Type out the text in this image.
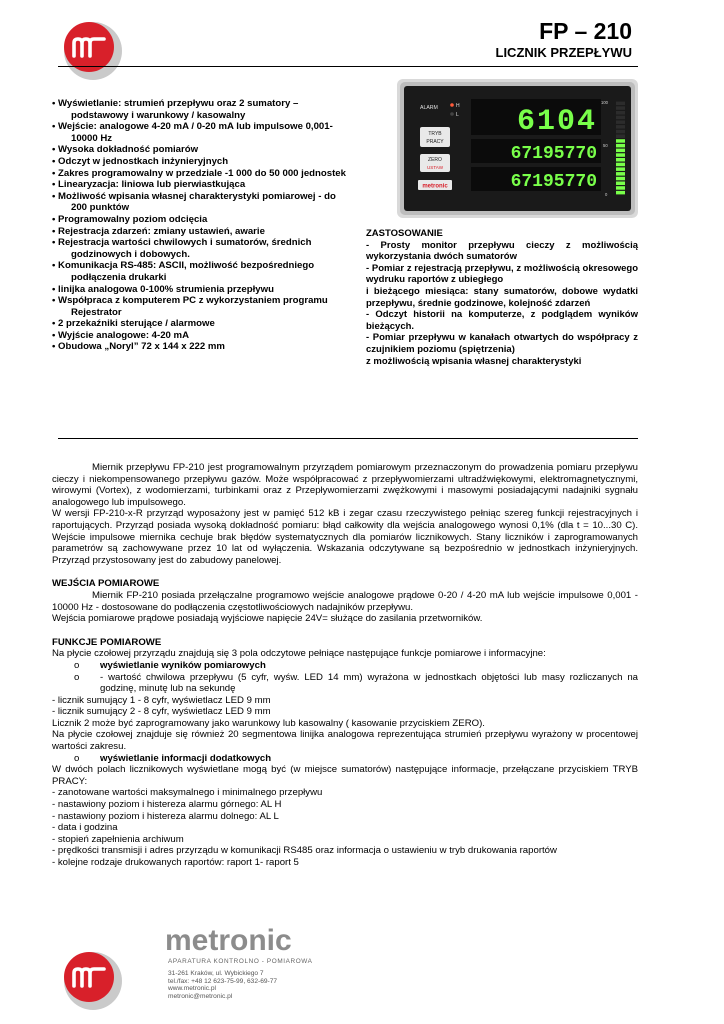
FP – 210
LICZNIK PRZEPŁYWU
• Wyświetlanie: strumień przepływu oraz 2 sumatory – podstawowy i warunkowy / kasowalny
• Wejście: analogowe 4-20 mA / 0-20 mA lub impulsowe 0,001-10000 Hz
• Wysoka dokładność pomiarów
• Odczyt w jednostkach inżynieryjnych
• Zakres programowalny w przedziale -1 000 do 50 000 jednostek
• Linearyzacja: liniowa lub pierwiastkująca
• Możliwość wpisania własnej charakterystyki pomiarowej - do 200 punktów
• Programowalny poziom odcięcia
• Rejestracja zdarzeń: zmiany ustawień, awarie
• Rejestracja wartości chwilowych i sumatorów, średnich godzinowych i dobowych.
• Komunikacja RS-485: ASCII, możliwość bezpośredniego podłączenia drukarki
• linijka analogowa 0-100% strumienia przepływu
• Współpraca z komputerem PC z wykorzystaniem programu Rejestrator
• 2 przekaźniki sterujące / alarmowe
• Wyjście analogowe: 4-20 mA
• Obudowa „Noryl” 72 x 144 x 222 mm
ALARM	H
L
TRYB
PRACY
ZERO
USTAW
metronic
6104
67195770
67195770
100
50
0
ZASTOSOWANIE
- Prosty monitor przepływu cieczy z możliwością wykorzystania dwóch sumatorów
- Pomiar z rejestracją przepływu, z możliwością okresowego wydruku raportów z ubiegłego
i bieżącego miesiąca: stany sumatorów, dobowe wydatki przepływu, średnie godzinowe, kolejność zdarzeń
- Odczyt historii na komputerze, z podglądem wyników bieżących.
- Pomiar przepływu w kanałach otwartych do współpracy z czujnikiem poziomu (spiętrzenia)
z możliwością wpisania własnej charakterystyki

Miernik przepływu FP-210 jest programowalnym przyrządem pomiarowym przeznaczonym do prowadzenia pomiaru przepływu cieczy i niekompensowanego przepływu gazów. Może współpracować z przepływomierzami ultradźwiękowymi, elektromagnetycznymi, wirowymi (Vortex), z wodomierzami, turbinkami oraz z Przepływomierzami zwężkowymi i masowymi posiadającymi nadajniki sygnału analogowego lub impulsowego.

W wersji FP-210-x-R przyrząd wyposażony jest w pamięć 512 kB i zegar czasu rzeczywistego pełniąc szereg funkcji rejestracyjnych i raportujących. Przyrząd posiada wysoką dokładność pomiaru: błąd całkowity dla wejścia analogowego wynosi 0,1% (dla t = 10...30 C). Wejście impulsowe miernika cechuje brak błędów systematycznych dla pomiarów licznikowych. Stany liczników i zaprogramowanych parametrów są zachowywane przez 10 lat od wyłączenia. Wskazania odczytywane są bezpośrednio w jednostkach inżynieryjnych. Przyrząd przystosowany jest do zabudowy panelowej.

WEJŚCIA POMIAROWE

Miernik FP-210 posiada przełączalne programowo wejście analogowe prądowe 0-20 / 4-20 mA lub wejście impulsowe 0,001 - 10000 Hz - dostosowane do podłączenia częstotliwościowych nadajników przepływu.

Wejścia pomiarowe prądowe posiadają wyjściowe napięcie 24V= służące do zasilania przetworników.

FUNKCJE POMIAROWE

Na płycie czołowej przyrządu znajdują się 3 pola odczytowe pełniące następujące funkcje pomiarowe i informacyjne:

o wyświetlanie wyników pomiarowych

o - wartość chwilowa przepływu (5 cyfr, wyśw. LED 14 mm) wyrażona w jednostkach objętości lub masy rozliczanych na godzinę, minutę lub na sekundę

- licznik sumujący 1 - 8 cyfr, wyświetlacz LED 9 mm

- licznik sumujący 2 - 8 cyfr, wyświetlacz LED 9 mm

Licznik 2 może być zaprogramowany jako warunkowy lub kasowalny ( kasowanie przyciskiem ZERO).

Na płycie czołowej znajduje się również 20 segmentowa linijka analogowa reprezentująca strumień przepływu wyrażony w procentowej wartości zakresu.

o wyświetlanie informacji dodatkowych

W dwóch polach licznikowych wyświetlane mogą być (w miejsce sumatorów) następujące informacje, przełączane przyciskiem TRYB PRACY:

- zanotowane wartości maksymalnego i minimalnego przepływu

- nastawiony poziom i histereza alarmu górnego: AL H

- nastawiony poziom i histereza alarmu dolnego: AL L

- data i godzina

- stopień zapełnienia archiwum

- prędkości transmisji i adres przyrządu w komunikacji RS485 oraz informacja o ustawieniu w tryb drukowania raportów

- kolejne rodzaje drukowanych raportów: raport 1- raport 5

metronic
APARATURA KONTROLNO - POMIAROWA

31-261 Kraków, ul. Wybickiego 7

tel./fax: +48 12 623-75-99, 632-69-77

www.metronic.pl

metronic@metronic.pl
